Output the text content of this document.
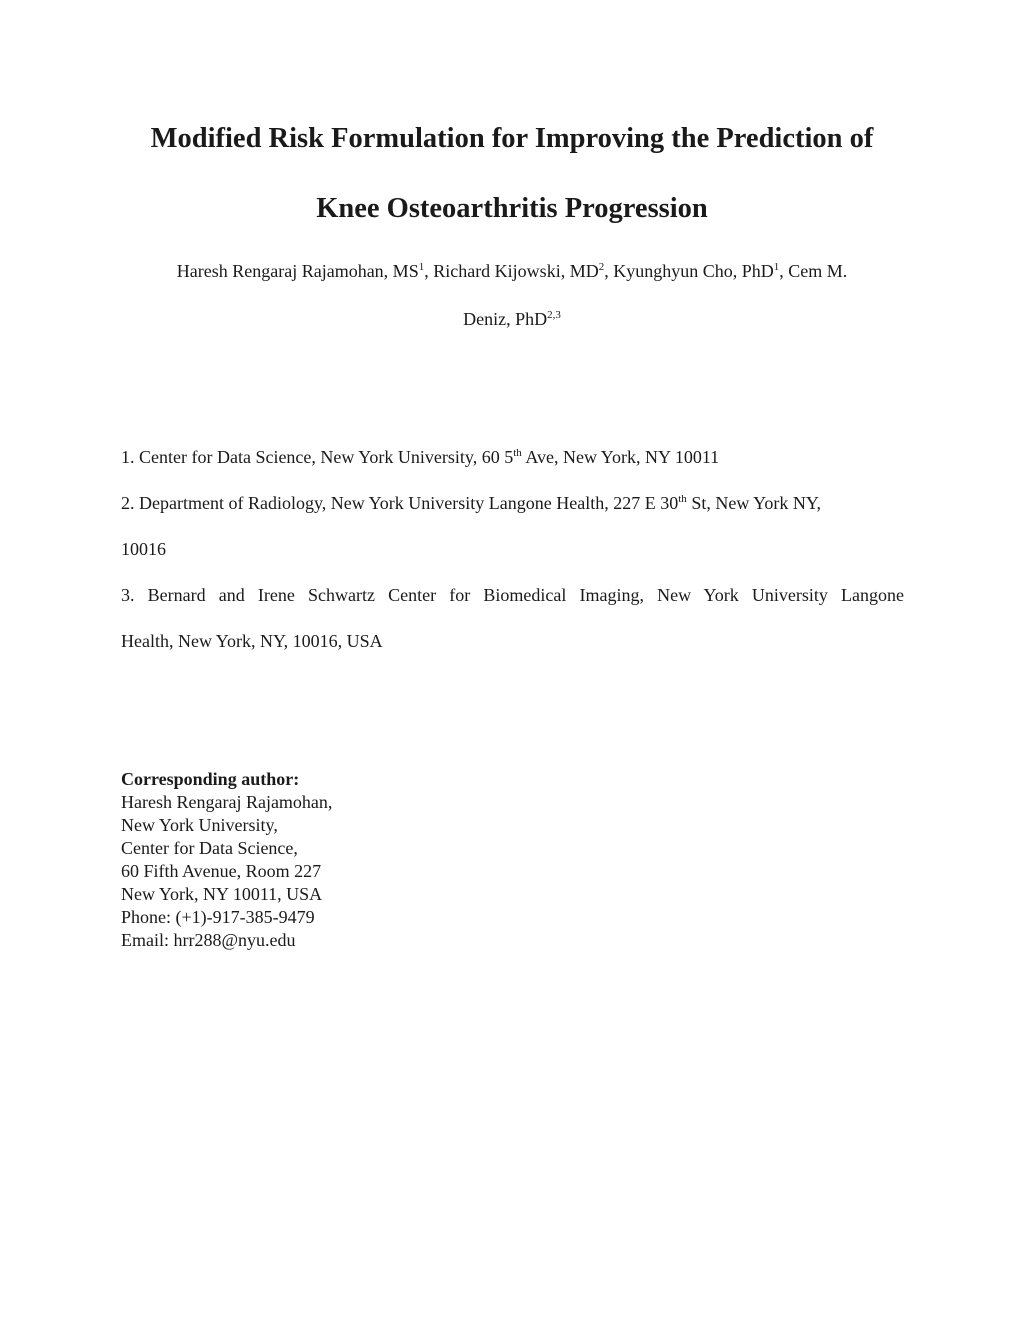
Modified Risk Formulation for Improving the Prediction of
Knee Osteoarthritis Progression
Haresh Rengaraj Rajamohan, $MS^1$, Richard Kijowski, $MD^2$, Kyunghyun Cho, PhD$^1$, Cem M.
Deniz, PhD$^{2,3}$
1. Center for Data Science, New York University, 60 5th Ave, New York, NY 10011
2. Department of Radiology, New York University Langone Health, 227 E 30th St, New York NY,
10016
3. Bernard and Irene Schwartz Center for Biomedical Imaging, New York University Langone
Health, New York, NY, 10016, USA
Corresponding author:
Haresh Rengaraj Rajamohan,
New York University,
Center for Data Science,
60 Fifth Avenue, Room 227
New York, NY 10011, USA
Phone: (+1)-917-385-9479
Email: hrr288@nyu.edu
